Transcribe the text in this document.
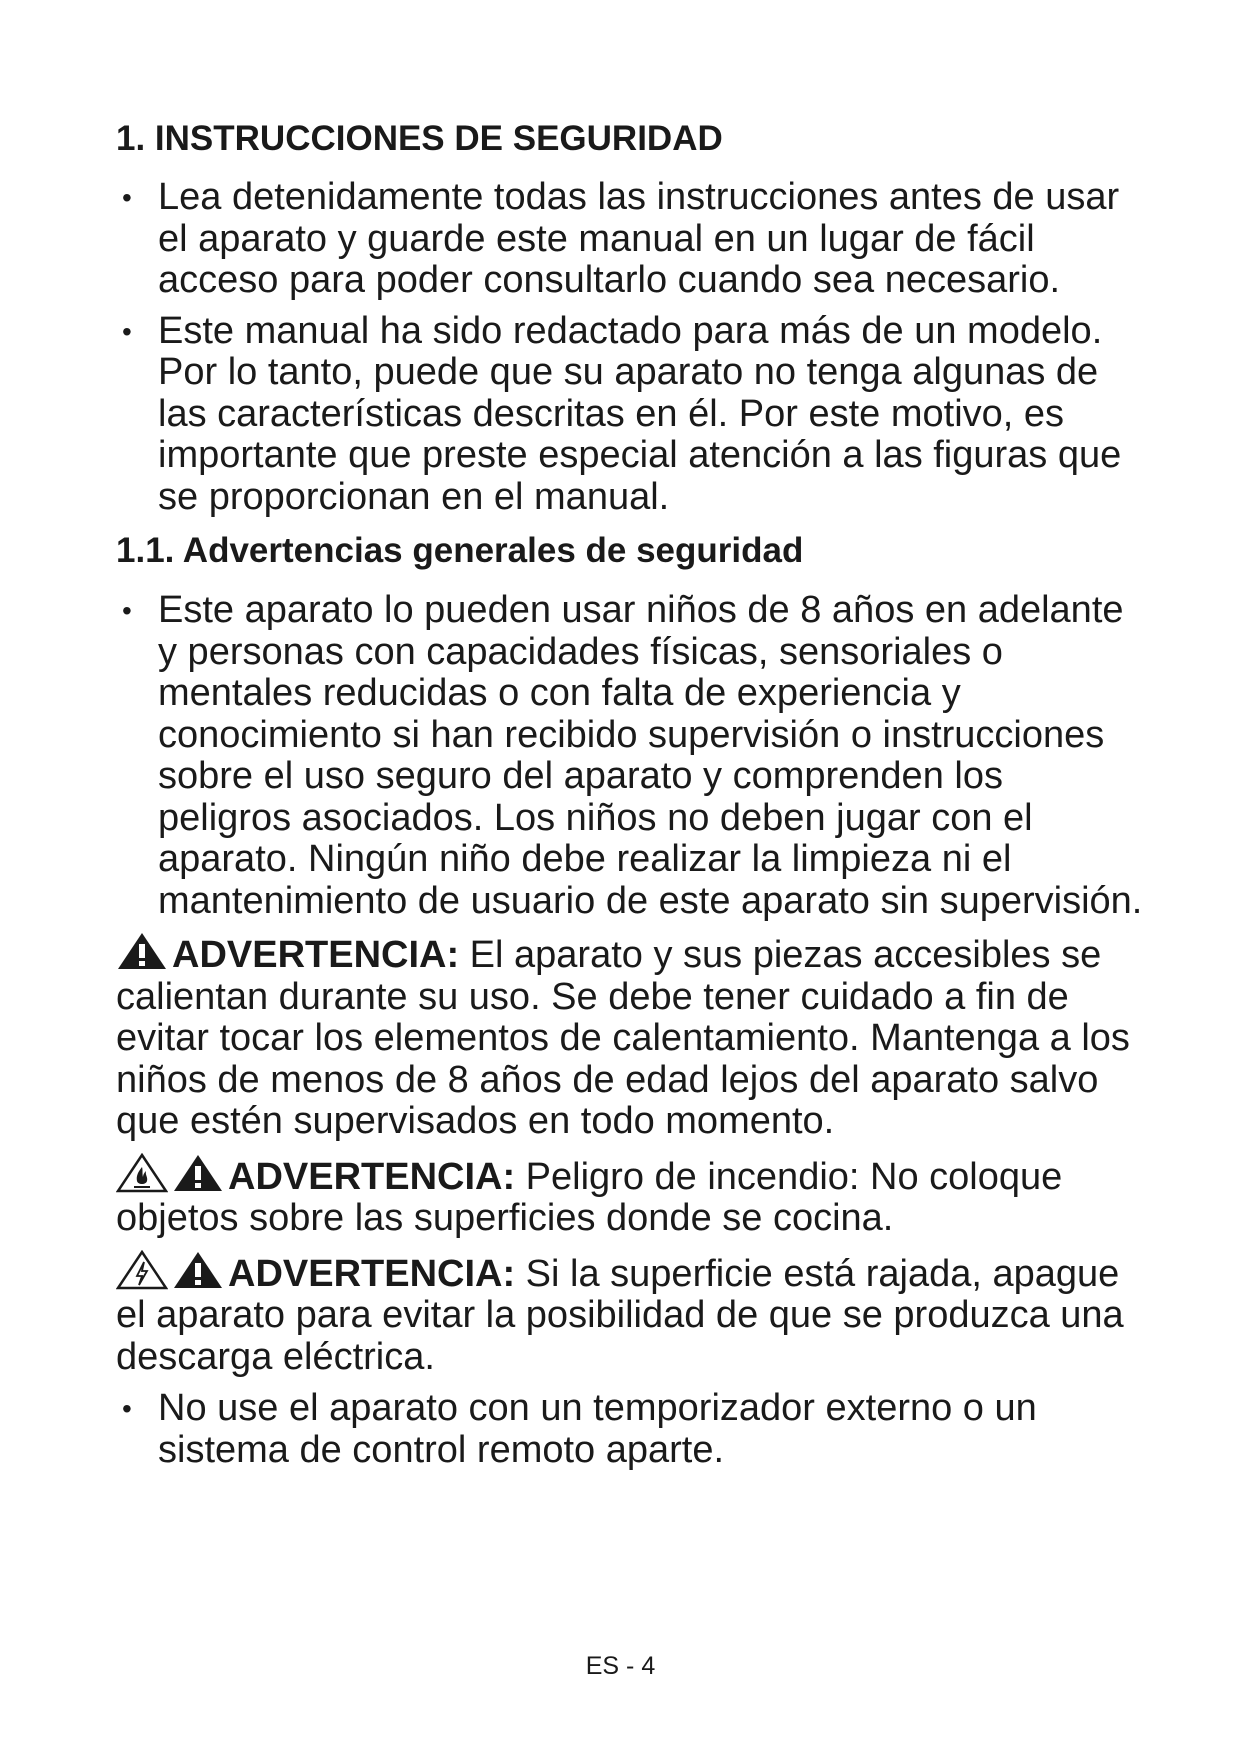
1. INSTRUCCIONES DE SEGURIDAD
• Lea detenidamente todas las instrucciones antes de usar el aparato y guarde este manual en un lugar de fácil acceso para poder consultarlo cuando sea necesario.
• Este manual ha sido redactado para más de un modelo. Por lo tanto, puede que su aparato no tenga algunas de las características descritas en él. Por este motivo, es importante que preste especial atención a las figuras que se proporcionan en el manual.
1.1. Advertencias generales de seguridad
• Este aparato lo pueden usar niños de 8 años en adelante y personas con capacidades físicas, sensoriales o mentales reducidas o con falta de experiencia y conocimiento si han recibido supervisión o instrucciones sobre el uso seguro del aparato y comprenden los peligros asociados. Los niños no deben jugar con el aparato. Ningún niño debe realizar la limpieza ni el mantenimiento de usuario de este aparato sin supervisión.

ADVERTENCIA: El aparato y sus piezas accesibles se calientan durante su uso. Se debe tener cuidado a fin de evitar tocar los elementos de calentamiento. Mantenga a los niños de menos de 8 años de edad lejos del aparato salvo que estén supervisados en todo momento.

ADVERTENCIA: Peligro de incendio: No coloque objetos sobre las superficies donde se cocina.

ADVERTENCIA: Si la superficie está rajada, apague el aparato para evitar la posibilidad de que se produzca una descarga eléctrica.

• No use el aparato con un temporizador externo o un sistema de control remoto aparte.
ES - 4
